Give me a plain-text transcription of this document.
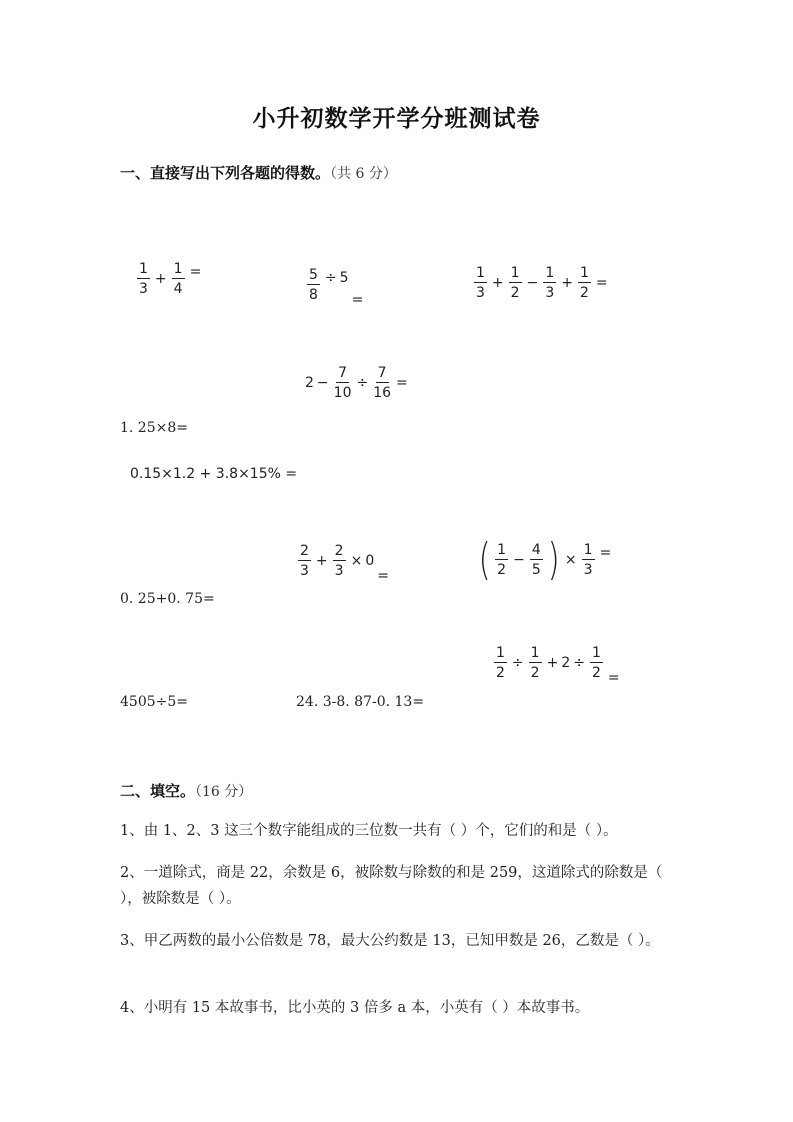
小升初数学开学分班测试卷
一、直接写出下列各题的得数。（共 6 分）
$\frac{1}{3} + \frac{1}{4}$ =	$\frac{5}{8} \div 5$
=	$\frac{1}{3} + \frac{1}{2} - \frac{1}{3} + \frac{1}{2}$ =
$2 - \frac{7}{10} \div \frac{7}{16}$ =
1. 25×8=
0.15×1.2 + 3.8×15% =
$\frac{2}{3} + \frac{2}{3} \times 0$
= ( $\frac{1}{2} - \frac{4}{5}$ ) × $\frac{1}{3}$ =
0. 25+0. 75=
$\frac{1}{2} \div \frac{1}{2} + 2 \div \frac{1}{2}$ =
4505÷5=	24. 3-8. 87-0. 13=
二、填空。（16 分）
1、由 1、2、3 这三个数字能组成的三位数一共有（ ）个，它们的和是（ ）。
2、一道除式，商是 22，余数是 6，被除数与除数的和是 259，这道除式的除数是（ ），被除数是（ ）。
3、甲乙两数的最小公倍数是 78，最大公约数是 13，已知甲数是 26，乙数是（ ）。
4、小明有 15 本故事书，比小英的 3 倍多 a 本，小英有（ ）本故事书。
